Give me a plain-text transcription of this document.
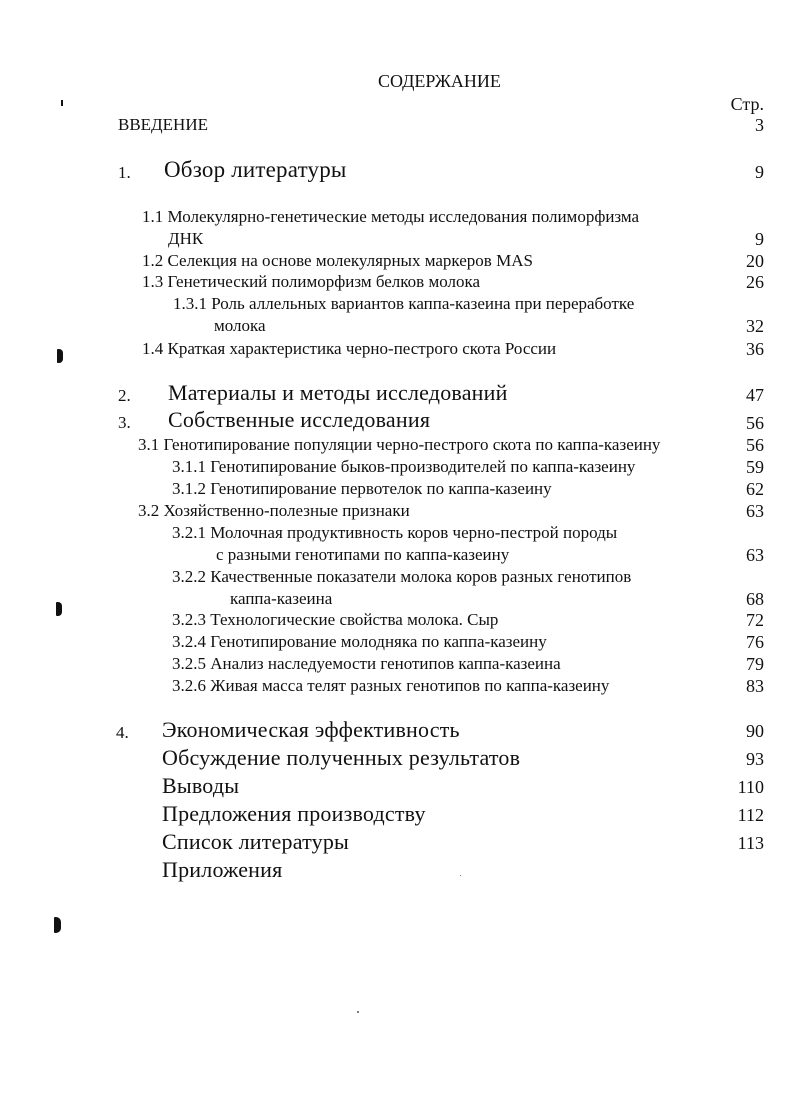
СОДЕРЖАНИЕ
Стр.
ВВЕДЕНИЕ	3
1. Обзор литературы	9
1.1 Молекулярно-генетические методы исследования полиморфизма
ДНК	9
1.2 Селекция на основе молекулярных маркеров MAS	20
1.3 Генетический полиморфизм белков молока	26
1.3.1 Роль аллельных вариантов каппа-казеина при переработке
молока	32
1.4 Краткая характеристика черно-пестрого скота России	36
2. Материалы и методы исследований	47
3. Собственные исследования	56
3.1 Генотипирование популяции черно-пестрого скота по каппа-казеину	56
3.1.1 Генотипирование быков-производителей по каппа-казеину	59
3.1.2 Генотипирование первотелок по каппа-казеину	62
3.2 Хозяйственно-полезные признаки	63
3.2.1 Молочная продуктивность коров черно-пестрой породы
с разными генотипами по каппа-казеину	63
3.2.2 Качественные показатели молока коров разных генотипов
каппа-казеина	68
3.2.3 Технологические свойства молока. Сыр	72
3.2.4 Генотипирование молодняка по каппа-казеину	76
3.2.5 Анализ наследуемости генотипов каппа-казеина	79
3.2.6 Живая масса телят разных генотипов по каппа-казеину	83
4. Экономическая эффективность	90
Обсуждение полученных результатов	93
Выводы	110
Предложения производству	112
Список литературы	113
Приложения
